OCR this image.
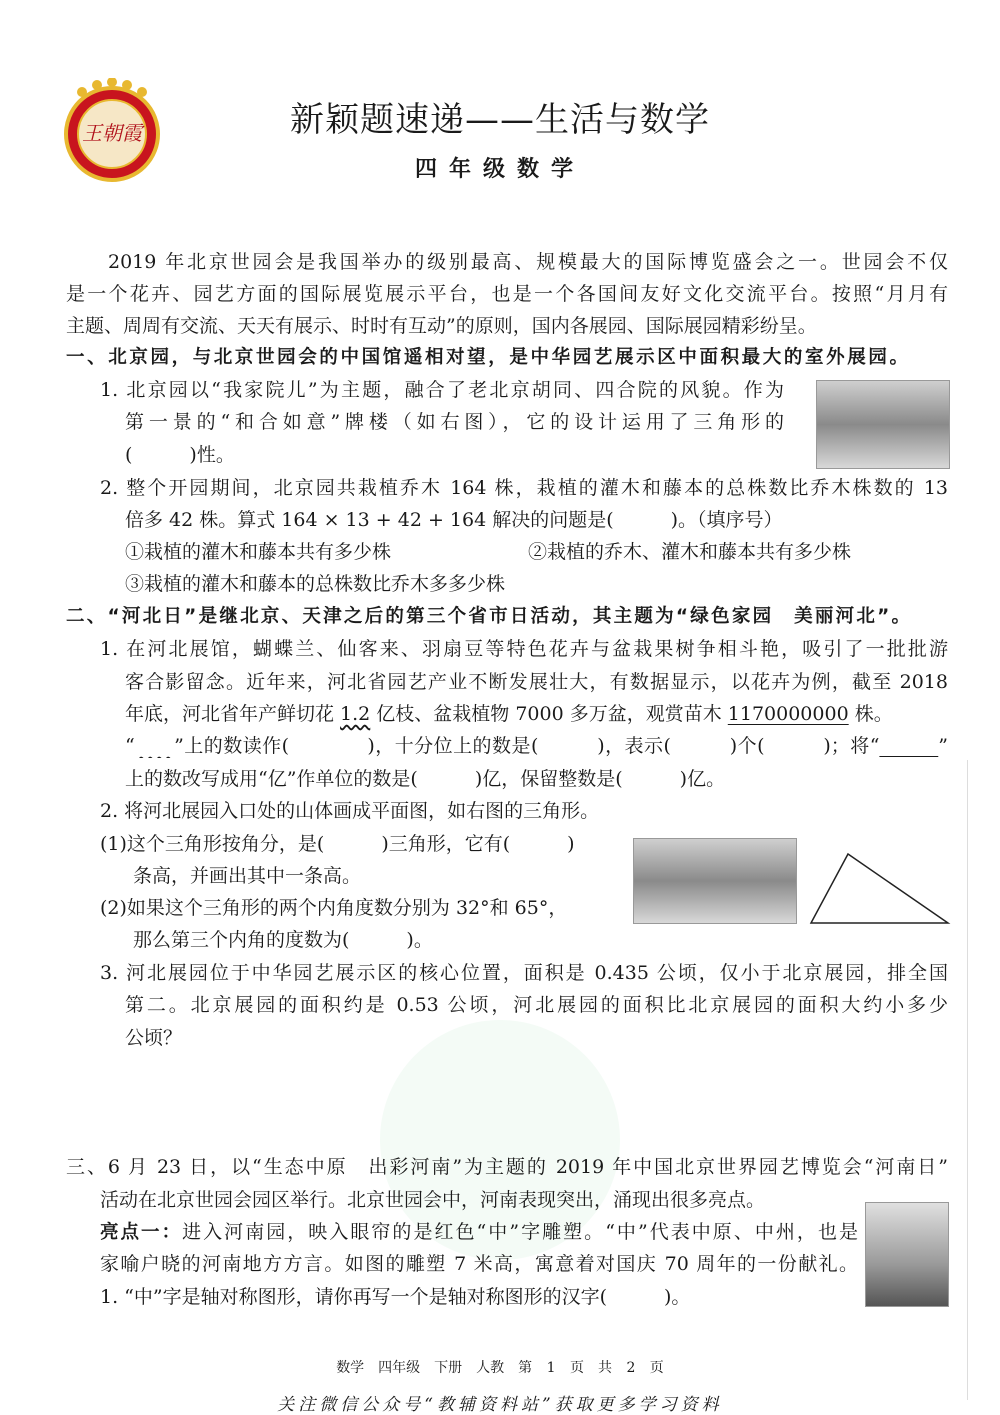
王朝霞	新颖题速递——生活与数学
四年级数学
2019 年北京世园会是我国举办的级别最高、规模最大的国际博览盛会之一。世园会不仅
是一个花卉、园艺方面的国际展览展示平台，也是一个各国间友好文化交流平台。按照“月月有
主题、周周有交流、天天有展示、时时有互动”的原则，国内各展园、国际展园精彩纷呈。
一、北京园，与北京世园会的中国馆遥相对望，是中华园艺展示区中面积最大的室外展园。
1. 北京园以“我家院儿”为主题，融合了老北京胡同、四合院的风貌。作为
第一景的“和合如意”牌楼（如右图），它的设计运用了三角形的
(　　　)性。
2. 整个开园期间，北京园共栽植乔木 164 株，栽植的灌木和藤本的总株数比乔木株数的 13
倍多 42 株。算式 164 × 13 + 42 + 164 解决的问题是(　　　)。（填序号）
①栽植的灌木和藤本共有多少株	②栽植的乔木、灌木和藤本共有多少株
③栽植的灌木和藤本的总株数比乔木多多少株
二、“河北日”是继北京、天津之后的第三个省市日活动，其主题为“绿色家园　美丽河北”。
1. 在河北展馆，蝴蝶兰、仙客来、羽扇豆等特色花卉与盆栽果树争相斗艳，吸引了一批批游
客合影留念。近年来，河北省园艺产业不断发展壮大，有数据显示，以花卉为例，截至 2018
年底，河北省年产鲜切花 1.2 亿枝、盆栽植物 7000 多万盆，观赏苗木 1170000000 株。
“　　 ”上的数读作(　　　　)，十分位上的数是(　　　)，表示(　　　)个(　　　)；将“　　　	”
上的数改写成用“亿”作单位的数是(　　　)亿，保留整数是(　　　)亿。
2. 将河北展园入口处的山体画成平面图，如右图的三角形。
(1)这个三角形按角分，是(　　　)三角形，它有(　　　)
条高，并画出其中一条高。
(2)如果这个三角形的两个内角度数分别为 32°和 65°，
那么第三个内角的度数为(　　　)。
3. 河北展园位于中华园艺展示区的核心位置，面积是 0.435 公顷，仅小于北京展园，排全国
第二。北京展园的面积约是 0.53 公顷，河北展园的面积比北京展园的面积大约小多少
公顷？
三、6 月 23 日，以“生态中原　出彩河南”为主题的 2019 年中国北京世界园艺博览会“河南日”
活动在北京世园会园区举行。北京世园会中，河南表现突出，涌现出很多亮点。
亮点一：进入河南园，映入眼帘的是红色“中”字雕塑。“中”代表中原、中州，也是
家喻户晓的河南地方方言。如图的雕塑 7 米高，寓意着对国庆 70 周年的一份献礼。
1. “中”字是轴对称图形，请你再写一个是轴对称图形的汉字(　　　)。
数学　四年级　下册　人教　第 1 页　共 2 页
关注微信公众号“教辅资料站”获取更多学习资料
